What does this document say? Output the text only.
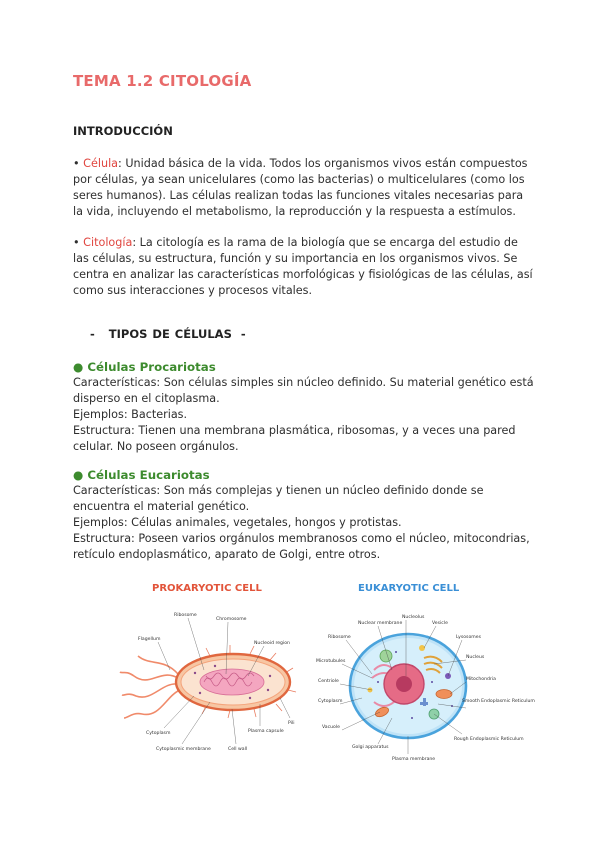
TEMA 1.2 CITOLOGÍA
INTRODUCCIÓN

• Célula: Unidad básica de la vida. Todos los organismos vivos están compuestos por células, ya sean unicelulares (como las bacterias) o multicelulares (como los seres humanos). Las células realizan todas las funciones vitales necesarias para la vida, incluyendo el metabolismo, la reproducción y la respuesta a estímulos.

• Citología: La citología es la rama de la biología que se encarga del estudio de las células, su estructura, función y su importancia en los organismos vivos. Se centra en analizar las características morfológicas y fisiológicas de las células, así como sus interacciones y procesos vitales.

- TIPOS DE CÉLULAS -
● Células Procariotas

Características: Son células simples sin núcleo definido. Su material genético está disperso en el citoplasma.

Ejemplos: Bacterias.

Estructura: Tienen una membrana plasmática, ribosomas, y a veces una pared celular. No poseen orgánulos.

● Células Eucariotas

Características: Son más complejas y tienen un núcleo definido donde se encuentra el material genético.

Ejemplos: Células animales, vegetales, hongos y protistas.

Estructura: Poseen varios orgánulos membranosos como el núcleo, mitocondrias, retículo endoplasmático, aparato de Golgi, entre otros.

PROKARYOTIC CELL
Ribosome
Chromosome
Flagellum
Nucleoid region
Pili
Cytoplasm	Plasma capsule
Cytoplasmic membrane	Cell wall
EUKARYOTIC CELL
Nucleolus
Nuclear membrane	Vesicle
Ribosome	Lysosomes
Microtubules
Nucleus
Centriole	Mitochondria
Cytoplasm	Smooth Endoplasmic Reticulum
Vacuole
Golgi apparatus
Rough Endoplasmic Reticulum
Plasma membrane
